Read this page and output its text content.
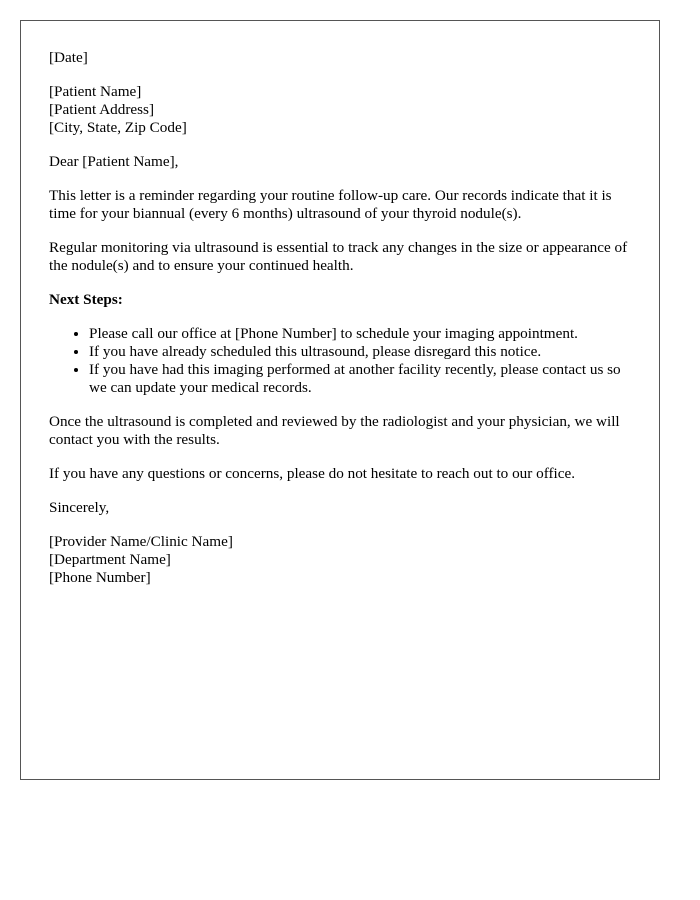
[Date]

[Patient Name]
[Patient Address]
[City, State, Zip Code]

Dear [Patient Name],

This letter is a reminder regarding your routine follow-up care. Our records indicate that it is time for your biannual (every 6 months) ultrasound of your thyroid nodule(s).

Regular monitoring via ultrasound is essential to track any changes in the size or appearance of the nodule(s) and to ensure your continued health.

Next Steps:

• Please call our office at [Phone Number] to schedule your imaging appointment.
• If you have already scheduled this ultrasound, please disregard this notice.
• If you have had this imaging performed at another facility recently, please contact us so we can update your medical records.

Once the ultrasound is completed and reviewed by the radiologist and your physician, we will contact you with the results.

If you have any questions or concerns, please do not hesitate to reach out to our office.

Sincerely,

[Provider Name/Clinic Name]
[Department Name]
[Phone Number]
